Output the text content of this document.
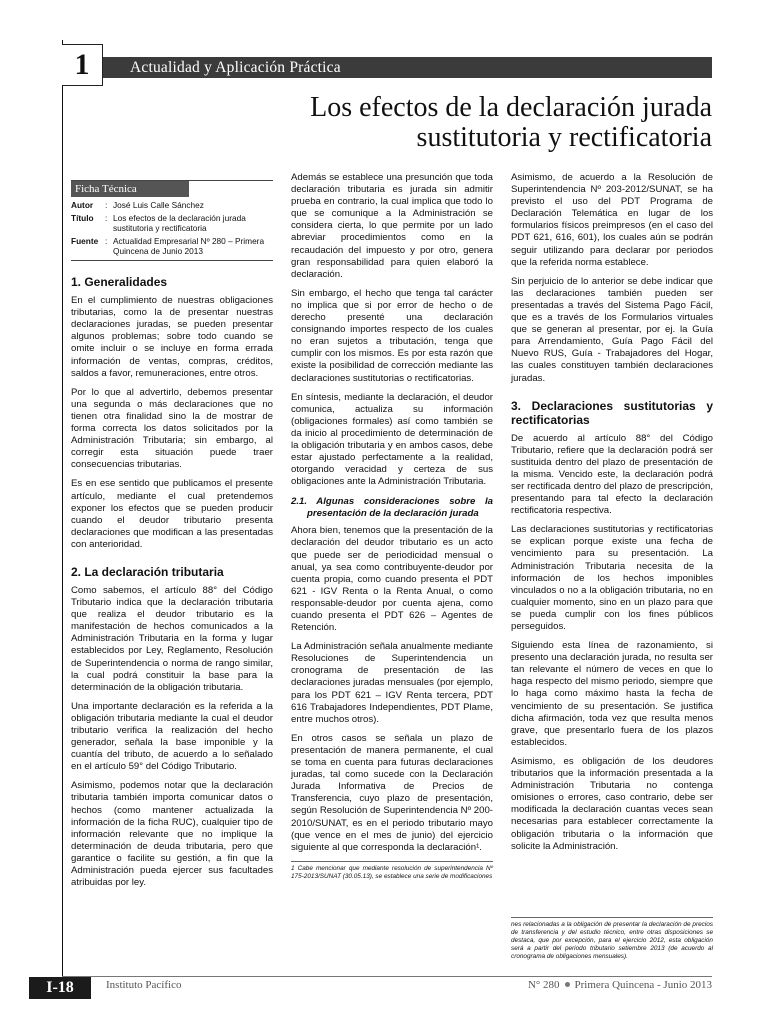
1	Actualidad y Aplicación Práctica
Los efectos de la declaración jurada
sustitutoria y rectificatoria
Ficha Técnica
Autor	: José Luis Calle Sánchez
Título	: Los efectos de la declaración jurada sustitutoria y rectificatoria
Fuente : Actualidad Empresarial Nº 280 – Primera Quincena de Junio 2013
1. Generalidades

En el cumplimiento de nuestras obligaciones tributarias, como la de presentar nuestras declaraciones juradas, se pueden presentar algunos problemas; sobre todo cuando se omite incluir o se incluye en forma errada información de ventas, compras, créditos, saldos a favor, remuneraciones, entre otros.

Por lo que al advertirlo, debemos presentar una segunda o más declaraciones que no tienen otra finalidad sino la de mostrar de forma correcta los datos solicitados por la Administración Tributaria; sin embargo, al corregir esta situación puede traer consecuencias tributarias.

Es en ese sentido que publicamos el presente artículo, mediante el cual pretendemos exponer los efectos que se pueden producir cuando el deudor tributario presenta declaraciones que modifican a las presentadas con anterioridad.

2. La declaración tributaria

Como sabemos, el artículo 88° del Código Tributario indica que la declaración tributaria que realiza el deudor tributario es la manifestación de hechos comunicados a la Administración Tributaria en la forma y lugar establecidos por Ley, Reglamento, Resolución de Superintendencia o norma de rango similar, la cual podrá constituir la base para la determinación de la obligación tributaria.

Una importante declaración es la referida a la obligación tributaria mediante la cual el deudor tributario verifica la realización del hecho generador, señala la base imponible y la cuantía del tributo, de acuerdo a lo señalado en el artículo 59° del Código Tributario.

Asimismo, podemos notar que la declaración tributaria también importa comunicar datos o hechos (como mantener actualizada la información de la ficha RUC), cualquier tipo de información relevante que no implique la determinación de deuda tributaria, pero que garantice o facilite su gestión, a fin que la Administración pueda ejercer sus facultades atribuidas por ley.

Además se establece una presunción que toda declaración tributaria es jurada sin admitir prueba en contrario, la cual implica que todo lo que se comunique a la Administración se considera cierta, lo que permite por un lado abreviar procedimientos como en la recaudación del impuesto y por otro, genera gran responsabilidad para quien elaboró la declaración.

Sin embargo, el hecho que tenga tal carácter no implica que si por error de hecho o de derecho presenté una declaración consignando importes respecto de los cuales no eran sujetos a tributación, tenga que cumplir con los mismos. Es por esta razón que existe la posibilidad de corrección mediante las declaraciones sustitutorias o rectificatorias.

En síntesis, mediante la declaración, el deudor comunica, actualiza su información (obligaciones formales) así como también se da inicio al procedimiento de determinación de la obligación tributaria y en ambos casos, debe estar ajustado perfectamente a la realidad, otorgando veracidad y certeza de sus obligaciones ante la Administración Tributaria.

2.1. Algunas consideraciones sobre la presentación de la declaración jurada

Ahora bien, tenemos que la presentación de la declaración del deudor tributario es un acto que puede ser de periodicidad mensual o anual, ya sea como contribuyente-deudor por cuenta propia, como cuando presenta el PDT 621 - IGV Renta o la Renta Anual, o como responsable-deudor por cuenta ajena, como cuando presenta el PDT 626 – Agentes de Retención.

La Administración señala anualmente mediante Resoluciones de Superintendencia un cronograma de presentación de las declaraciones juradas mensuales (por ejemplo, para los PDT 621 – IGV Renta tercera, PDT 616 Trabajadores Independientes, PDT Plame, entre muchos otros).

En otros casos se señala un plazo de presentación de manera permanente, el cual se toma en cuenta para futuras declaraciones juradas, tal como sucede con la Declaración Jurada Informativa de Precios de Transferencia, cuyo plazo de presentación, según Resolución de Superintendencia Nº 200-2010/SUNAT, es en el periodo tributario mayo (que vence en el mes de junio) del ejercicio siguiente al que corresponda la declaración¹.

1 Cabe mencionar que mediante resolución de superintendencia Nº 175-2013/SUNAT (30.05.13), se establece una serie de modificaciones

Asimismo, de acuerdo a la Resolución de Superintendencia Nº 203-2012/SUNAT, se ha previsto el uso del PDT Programa de Declaración Telemática en lugar de los formularios físicos preimpresos (en el caso del PDT 621, 616, 601), los cuales aún se podrán seguir utilizando para declarar por periodos que la referida norma establece.

Sin perjuicio de lo anterior se debe indicar que las declaraciones también pueden ser presentadas a través del Sistema Pago Fácil, que es a través de los Formularios virtuales que se generan al presentar, por ej. la Guía para Arrendamiento, Guía Pago Fácil del Nuevo RUS, Guía - Trabajadores del Hogar, las cuales constituyen también declaraciones juradas.

3. Declaraciones sustitutorias y rectificatorias

De acuerdo al artículo 88° del Código Tributario, refiere que la declaración podrá ser sustituida dentro del plazo de presentación de la misma. Vencido este, la declaración podrá ser rectificada dentro del plazo de prescripción, presentando para tal efecto la declaración rectificatoria respectiva.

Las declaraciones sustitutorias y rectificatorias se explican porque existe una fecha de vencimiento para su presentación. La Administración Tributaria necesita de la información de los hechos imponibles vinculados o no a la obligación tributaria, no en cualquier momento, sino en un plazo para que se pueda cumplir con los fines públicos perseguidos.

Siguiendo esta línea de razonamiento, si presento una declaración jurada, no resulta ser tan relevante el número de veces en que lo haga respecto del mismo periodo, siempre que lo haga como máximo hasta la fecha de vencimiento de su presentación. Se justifica dicha afirmación, toda vez que resulta menos grave, que presentarlo fuera de los plazos establecidos.

Asimismo, es obligación de los deudores tributarios que la información presentada a la Administración Tributaria no contenga omisiones o errores, caso contrario, debe ser modificada la declaración cuantas veces sean necesarias para establecer correctamente la obligación tributaria o la información que solicite la Administración.

nes relacionadas a la obligación de presentar la declaración de precios de transferencia y del estudio técnico, entre otras disposiciones se destaca, que por excepción, para el ejercicio 2012, esta obligación será a partir del periodo tributario setiembre 2013 (de acuerdo al cronograma de obligaciones mensuales).
I-18	Instituto Pacífico	N° 280 Primera Quincena - Junio 2013
